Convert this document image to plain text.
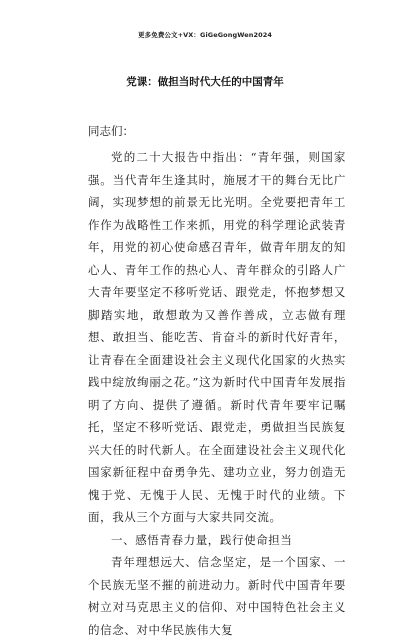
更多免费公文+VX：GiGeGongWen2024
党课：做担当时代大任的中国青年
同志们：

党的二十大报告中指出：“青年强，则国家强。当代青年生逢其时，施展才干的舞台无比广阔，实现梦想的前景无比光明。全党要把青年工作作为战略性工作来抓，用党的科学理论武装青年，用党的初心使命感召青年，做青年朋友的知心人、青年工作的热心人、青年群众的引路人广大青年要坚定不移听党话、跟党走，怀抱梦想又脚踏实地，敢想敢为又善作善成，立志做有理想、敢担当、能吃苦、肯奋斗的新时代好青年，让青春在全面建设社会主义现代化国家的火热实践中绽放绚丽之花。”这为新时代中国青年发展指明了方向、提供了遵循。新时代青年要牢记嘱托，坚定不移听党话、跟党走，勇做担当民族复兴大任的时代新人。在全面建设社会主义现代化国家新征程中奋勇争先、建功立业，努力创造无愧于党、无愧于人民、无愧于时代的业绩。下面，我从三个方面与大家共同交流。

一、感悟青春力量，践行使命担当

青年理想远大、信念坚定，是一个国家、一个民族无坚不摧的前进动力。新时代中国青年要树立对马克思主义的信仰、对中国特色社会主义的信念、对中华民族伟大复
